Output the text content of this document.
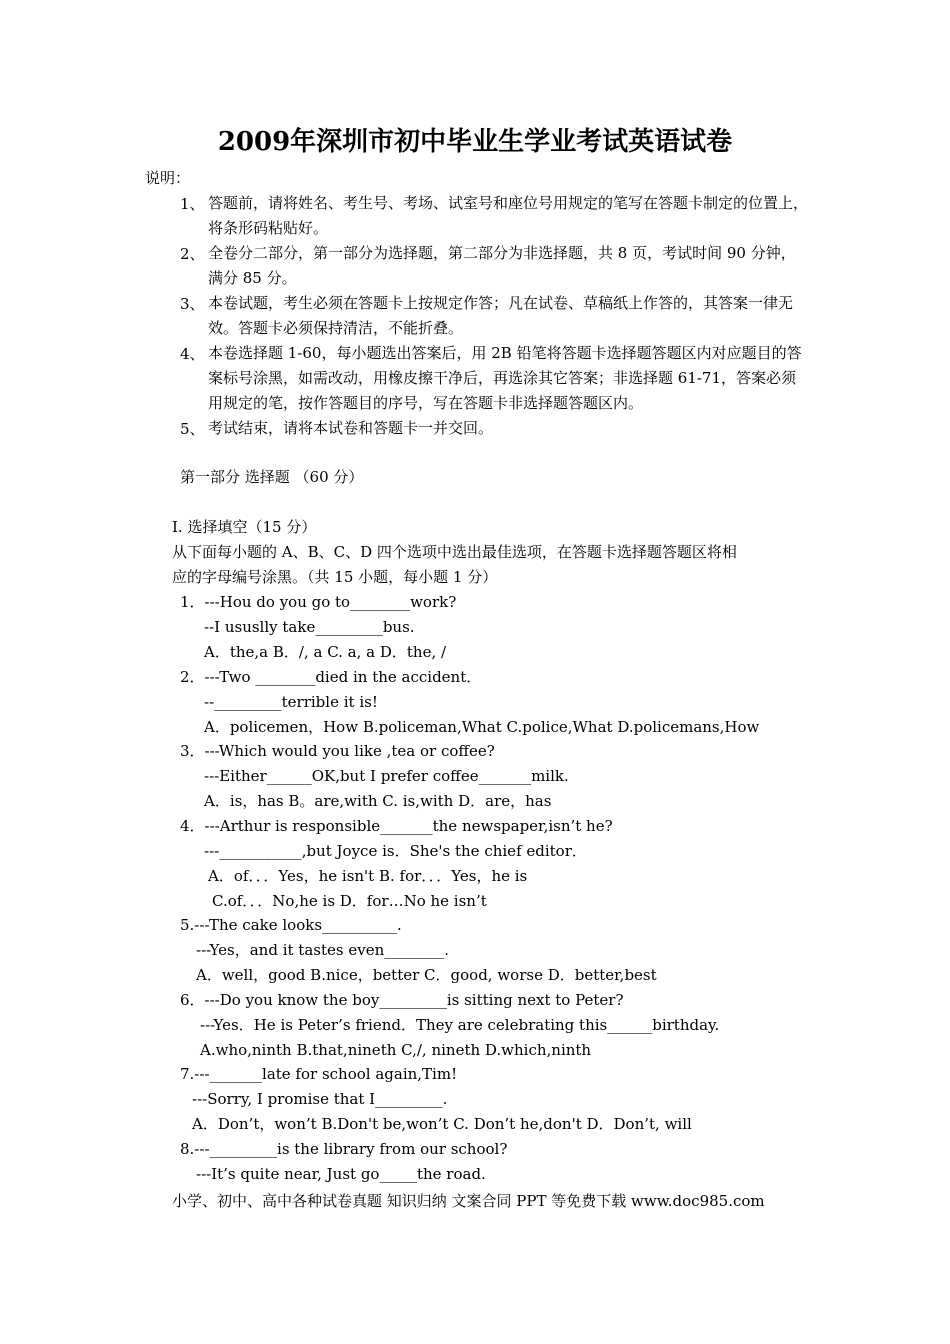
2009年深圳市初中毕业生学业考试英语试卷
说明：
1、 答题前，请将姓名、考生号、考场、试室号和座位号用规定的笔写在答题卡制定的位置上，将条形码粘贴好。
2、 全卷分二部分，第一部分为选择题，第二部分为非选择题，共 8 页，考试时间 90 分钟，满分 85 分。
3、 本卷试题，考生必须在答题卡上按规定作答；凡在试卷、草稿纸上作答的，其答案一律无效。答题卡必须保持清洁，不能折叠。
4、 本卷选择题 1-60，每小题选出答案后，用 2B 铅笔将答题卡选择题答题区内对应题目的答案标号涂黑，如需改动，用橡皮擦干净后，再选涂其它答案；非选择题 61-71，答案必须用规定的笔，按作答题目的序号，写在答题卡非选择题答题区内。
5、 考试结束，请将本试卷和答题卡一并交回。
第一部分 选择题 （60 分）
I. 选择填空（15 分）
从下面每小题的 A、B、C、D 四个选项中选出最佳选项，在答题卡选择题答题区将相
应的字母编号涂黑。（共 15 小题，每小题 1 分）
1．---Hou do you go to________work?
--I ususlly take_________bus.
A．the,a B．/, a C. a, a D．the, /
2．---Two ________died in the accident．
--_________terrible it is!
A．policemen，How B.policeman,What C.police,What D.policemans,How
3．---Which would you like ,tea or coffee?
---Either______OK,but I prefer coffee_______milk.
A．is，has B。are,with C. is,with D．are，has
4．---Arthur is responsible_______the newspaper,isn’t he?
---___________,but Joyce is．She's the chief editor．
A．of．．．Yes，he isn't B. for．．．Yes，he is
C.of．．．No,he is D．for…No he isn’t
5.---The cake looks__________.
---Yes，and it tastes even________.
A．well，good B.nice，better C．good, worse D．better,best
6．---Do you know the boy_________is sitting next to Peter?
---Yes．He is Peter’s friend．They are celebrating this______birthday.
A.who,ninth B.that,nineth C,/, nineth D.which,ninth
7.---_______late for school again,Tim!
---Sorry, I promise that I_________.
A．Don’t，won’t B.Don't be,won’t C. Don’t he,don't D．Don’t, will
8.---_________is the library from our school?
---It’s quite near, Just go_____the road.
小学、初中、高中各种试卷真题 知识归纳 文案合同 PPT 等免费下载 www.doc985.com
